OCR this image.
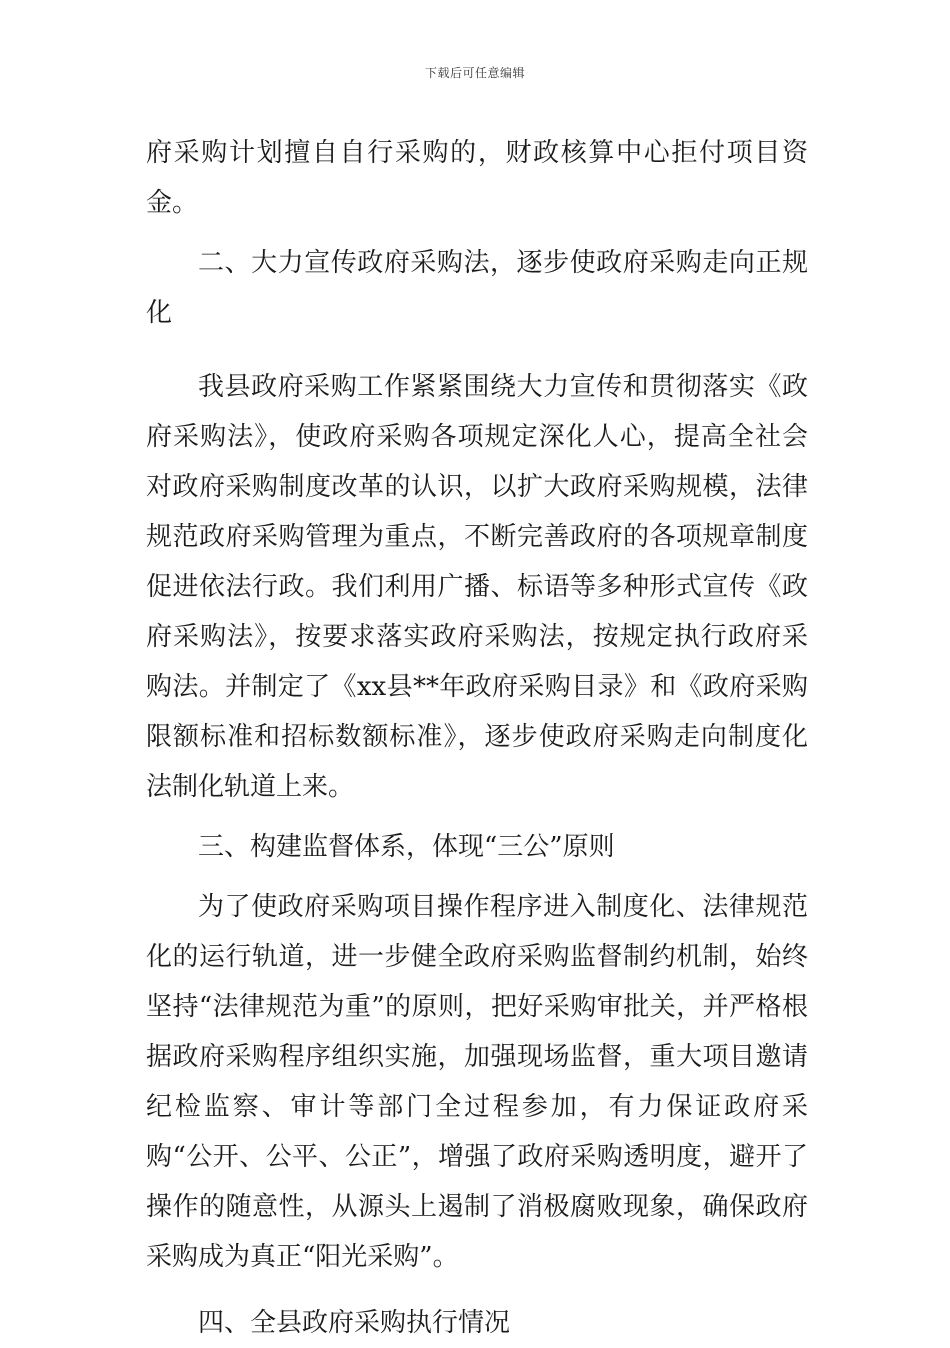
下载后可任意编辑

府采购计划擅自自行采购的，财政核算中心拒付项目资金。

二、大力宣传政府采购法，逐步使政府采购走向正规化

我县政府采购工作紧紧围绕大力宣传和贯彻落实《政府采购法》，使政府采购各项规定深化人心，提高全社会对政府采购制度改革的认识，以扩大政府采购规模，法律规范政府采购管理为重点，不断完善政府的各项规章制度促进依法行政。我们利用广播、标语等多种形式宣传《政府采购法》，按要求落实政府采购法，按规定执行政府采购法。并制定了《xx县**年政府采购目录》和《政府采购限额标准和招标数额标准》，逐步使政府采购走向制度化法制化轨道上来。

三、构建监督体系，体现“三公”原则

为了使政府采购项目操作程序进入制度化、法律规范化的运行轨道，进一步健全政府采购监督制约机制，始终坚持“法律规范为重”的原则，把好采购审批关，并严格根据政府采购程序组织实施，加强现场监督，重大项目邀请纪检监察、审计等部门全过程参加，有力保证政府采购“公开、公平、公正”，增强了政府采购透明度，避开了操作的随意性，从源头上遏制了消极腐败现象，确保政府采购成为真正“阳光采购”。

四、全县政府采购执行情况
